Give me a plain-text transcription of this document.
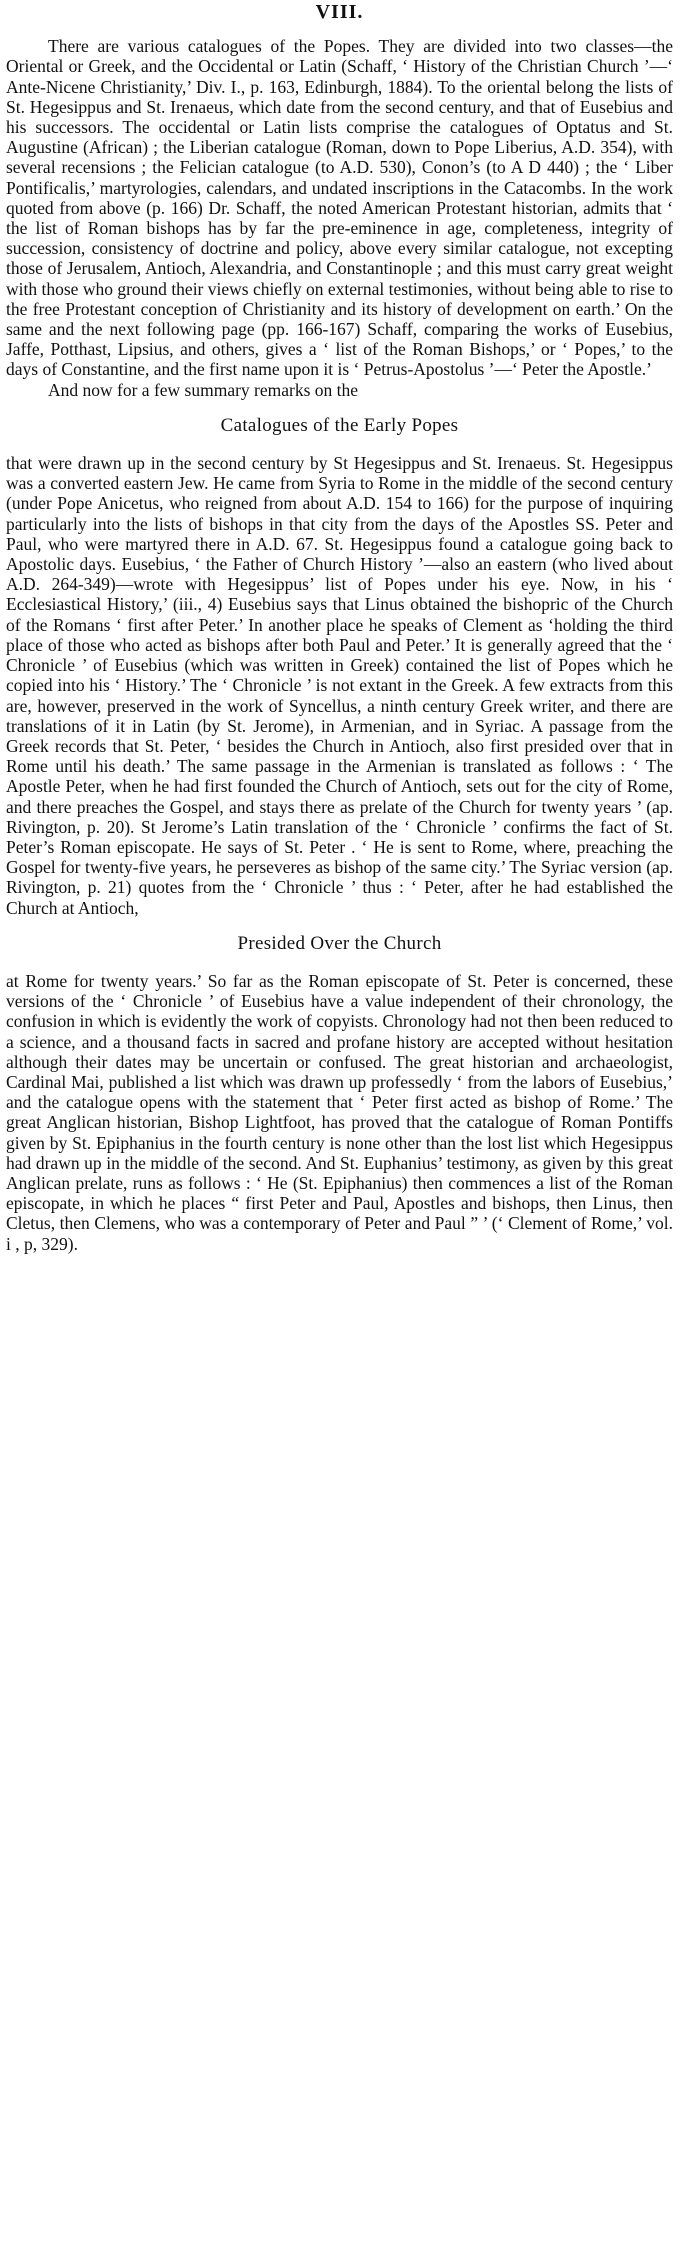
VIII.

There are various catalogues of the Popes. They are divided into two classes—the Oriental or Greek, and the Occidental or Latin (Schaff, ‘ History of the Christian Church ’—‘ Ante-Nicene Christianity,’ Div. I., p. 163, Edinburgh, 1884). To the oriental belong the lists of St. Hegesippus and St. Irenaeus, which date from the second century, and that of Eusebius and his successors. The occidental or Latin lists comprise the catalogues of Optatus and St. Augustine (African) ; the Liberian catalogue (Roman, down to Pope Liberius, A.D. 354), with several recensions ; the Felician catalogue (to A.D. 530), Conon’s (to A D 440) ; the ‘ Liber Pontificalis,’ martyrologies, calendars, and undated inscriptions in the Catacombs. In the work quoted from above (p. 166) Dr. Schaff, the noted American Protestant historian, admits that ‘ the list of Roman bishops has by far the pre-eminence in age, completeness, integrity of succession, consistency of doctrine and policy, above every similar catalogue, not excepting those of Jerusalem, Antioch, Alexandria, and Constantinople ; and this must carry great weight with those who ground their views chiefly on external testimonies, without being able to rise to the free Protestant conception of Christianity and its history of development on earth.’ On the same and the next following page (pp. 166-167) Schaff, comparing the works of Eusebius, Jaffe, Potthast, Lipsius, and others, gives a ‘ list of the Roman Bishops,’ or ‘ Popes,’ to the days of Constantine, and the first name upon it is ‘ Petrus-Apostolus ’—‘ Peter the Apostle.’

And now for a few summary remarks on the

Catalogues of the Early Popes

that were drawn up in the second century by St Hegesippus and St. Irenaeus. St. Hegesippus was a converted eastern Jew. He came from Syria to Rome in the middle of the second century (under Pope Anicetus, who reigned from about A.D. 154 to 166) for the purpose of inquiring particularly into the lists of bishops in that city from the days of the Apostles SS. Peter and Paul, who were martyred there in A.D. 67. St. Hegesippus found a catalogue going back to Apostolic days. Eusebius, ‘ the Father of Church History ’—also an eastern (who lived about A.D. 264-349)—wrote with Hegesippus’ list of Popes under his eye. Now, in his ‘ Ecclesiastical History,’ (iii., 4) Eusebius says that Linus obtained the bishopric of the Church of the Romans ‘ first after Peter.’ In another place he speaks of Clement as ‘holding the third place of those who acted as bishops after both Paul and Peter.’ It is generally agreed that the ‘ Chronicle ’ of Eusebius (which was written in Greek) contained the list of Popes which he copied into his ‘ History.’ The ‘ Chronicle ’ is not extant in the Greek. A few extracts from this are, however, preserved in the work of Syncellus, a ninth century Greek writer, and there are translations of it in Latin (by St. Jerome), in Armenian, and in Syriac. A passage from the Greek records that St. Peter, ‘ besides the Church in Antioch, also first presided over that in Rome until his death.’ The same passage in the Armenian is translated as follows : ‘ The Apostle Peter, when he had first founded the Church of Antioch, sets out for the city of Rome, and there preaches the Gospel, and stays there as prelate of the Church for twenty years ’ (ap. Rivington, p. 20). St Jerome’s Latin translation of the ‘ Chronicle ’ confirms the fact of St. Peter’s Roman episcopate. He says of St. Peter . ‘ He is sent to Rome, where, preaching the Gospel for twenty-five years, he perseveres as bishop of the same city.’ The Syriac version (ap. Rivington, p. 21) quotes from the ‘ Chronicle ’ thus : ‘ Peter, after he had established the Church at Antioch,

Presided Over the Church

at Rome for twenty years.’ So far as the Roman episcopate of St. Peter is concerned, these versions of the ‘ Chronicle ’ of Eusebius have a value independent of their chronology, the confusion in which is evidently the work of copyists. Chronology had not then been reduced to a science, and a thousand facts in sacred and profane history are accepted without hesitation although their dates may be uncertain or confused. The great historian and archaeologist, Cardinal Mai, published a list which was drawn up professedly ‘ from the labors of Eusebius,’ and the catalogue opens with the statement that ‘ Peter first acted as bishop of Rome.’ The great Anglican historian, Bishop Lightfoot, has proved that the catalogue of Roman Pontiffs given by St. Epiphanius in the fourth century is none other than the lost list which Hegesippus had drawn up in the middle of the second. And St. Euphanius’ testimony, as given by this great Anglican prelate, runs as follows : ‘ He (St. Epiphanius) then commences a list of the Roman episcopate, in which he places “ first Peter and Paul, Apostles and bishops, then Linus, then Cletus, then Clemens, who was a contemporary of Peter and Paul ” ’ (‘ Clement of Rome,’ vol. i , p, 329).
